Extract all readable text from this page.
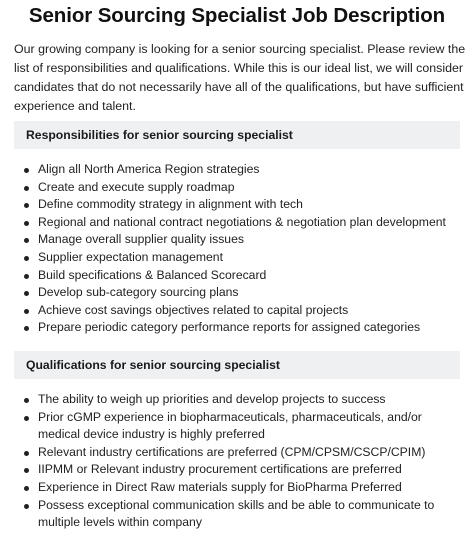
Senior Sourcing Specialist Job Description

Our growing company is looking for a senior sourcing specialist. Please review the list of responsibilities and qualifications. While this is our ideal list, we will consider candidates that do not necessarily have all of the qualifications, but have sufficient experience and talent.

Responsibilities for senior sourcing specialist
Align all North America Region strategies
Create and execute supply roadmap
Define commodity strategy in alignment with tech
Regional and national contract negotiations & negotiation plan development
Manage overall supplier quality issues
Supplier expectation management
Build specifications & Balanced Scorecard
Develop sub-category sourcing plans
Achieve cost savings objectives related to capital projects
Prepare periodic category performance reports for assigned categories
Qualifications for senior sourcing specialist
The ability to weigh up priorities and develop projects to success
Prior cGMP experience in biopharmaceuticals, pharmaceuticals, and/or medical device industry is highly preferred
Relevant industry certifications are preferred (CPM/CPSM/CSCP/CPIM)
IIPMM or Relevant industry procurement certifications are preferred
Experience in Direct Raw materials supply for BioPharma Preferred
Possess exceptional communication skills and be able to communicate to multiple levels within company
